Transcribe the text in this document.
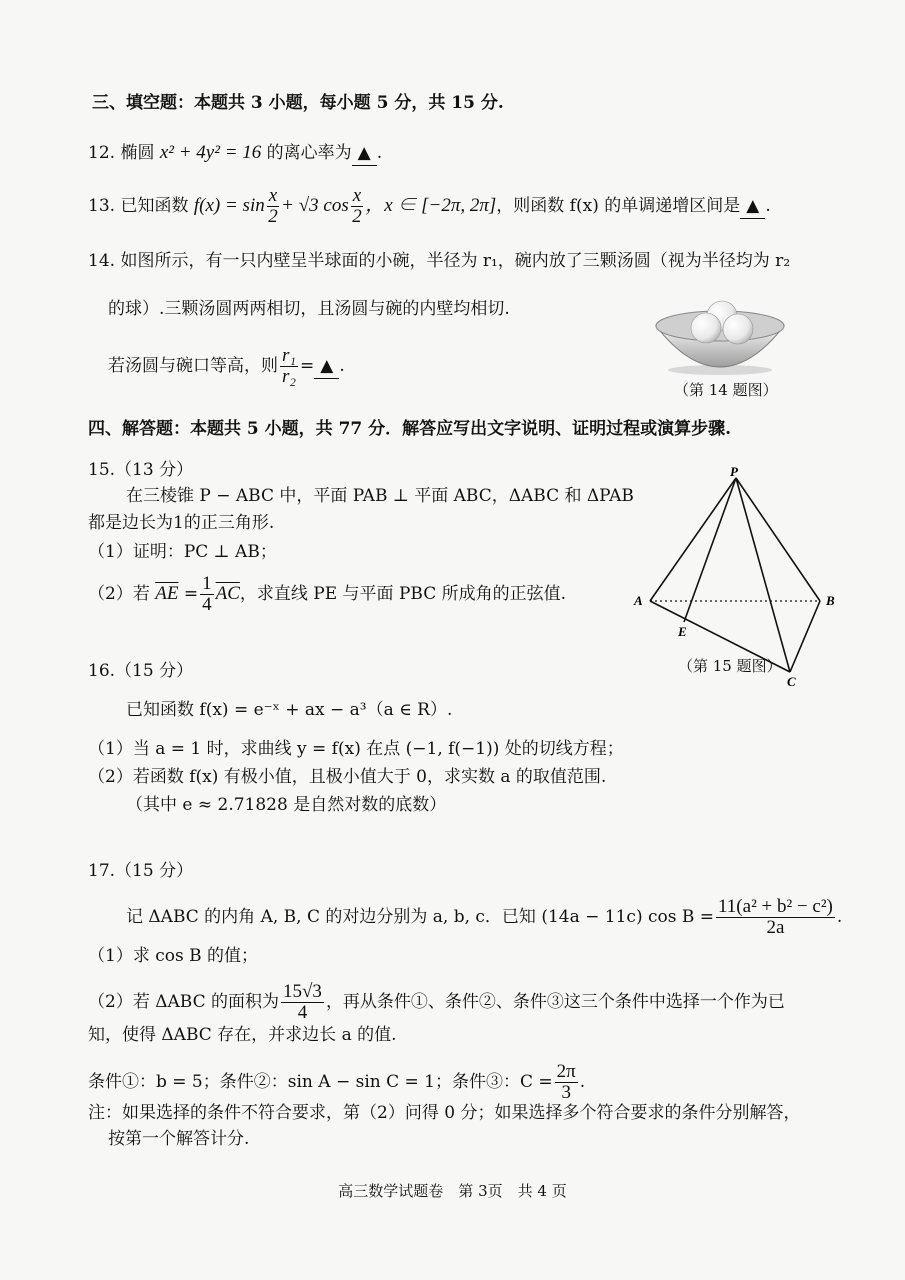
三、填空题：本题共 3 小题，每小题 5 分，共 15 分.
12. 椭圆 x² + 4y² = 16 的离心率为 ▲ .
13. 已知函数 $f(x) = \sin \frac{x}{2} + √3$ $\cos \frac{x}{2}$ ，x ∈ [−2π, 2π]，则函数 f(x) 的单调递增区间是 ▲ .
14. 如图所示，有一只内壁呈半球面的小碗，半径为 r₁，碗内放了三颗汤圆（视为半径均为 r₂
的球）.三颗汤圆两两相切，且汤圆与碗的内壁均相切.
若汤圆与碗口等高，则 $\frac{\text{r₁}}{\text{r₂}}$ = ▲ .
（第 14 题图）
四、解答题：本题共 5 小题，共 77 分．解答应写出文字说明、证明过程或演算步骤.
15.（13 分）
在三棱锥 P − ABC 中，平面 PAB ⊥ 平面 ABC，ΔABC 和 ΔPAB
都是边长为1的正三角形.
（1）证明：PC ⊥ AB；
（2）若 $\overline{AE} = \frac{1}{4} \overline{AC}$，求直线 PE 与平面 PBC 所成角的正弦值.
P
A	B
C
E
（第 15 题图）
16.（15 分）
已知函数 f(x) = e⁻ˣ + ax − a³（a ∈ R）.
（1）当 a = 1 时，求曲线 y = f(x) 在点 (−1, f(−1)) 处的切线方程；
（2）若函数 f(x) 有极小值，且极小值大于 0，求实数 a 的取值范围.
（其中 e ≈ 2.71828 是自然对数的底数）
17.（15 分）
记 ΔABC 的内角 A, B, C 的对边分别为 a, b, c．已知 (14a − 11c) $\cos B = \frac{\text{11(a² + b² − c²)}}{2a}$ .
（1）求 cos B 的值；
（2）若 ΔABC 的面积为 $\frac{15√3}{4}$ ，再从条件①、条件②、条件③这三个条件中选择一个作为已
知，使得 ΔABC 存在，并求边长 a 的值.
条件①：b = 5；条件②：sin A − sin C = 1；条件③：$C = \frac{2\pi}{3}$ .
注：如果选择的条件不符合要求，第（2）问得 0 分；如果选择多个符合要求的条件分别解答，
按第一个解答计分.
高三数学试题卷　第 3页　共 4 页
